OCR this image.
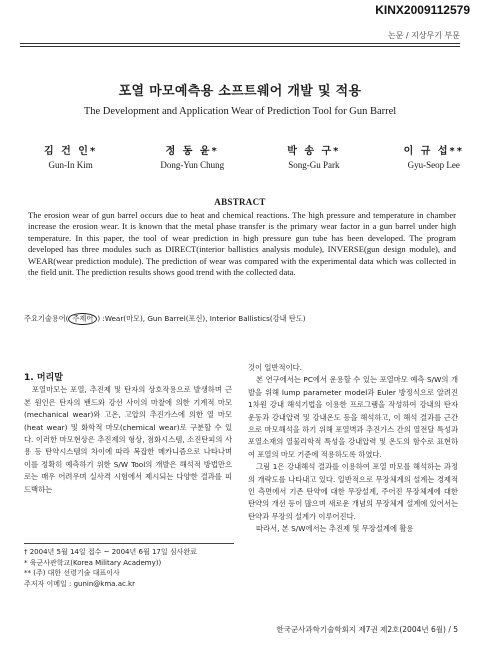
KINX2009112579
논문 / 지상무기 부문
포열 마모예측용 소프트웨어 개발 및 적용
The Development and Application Wear of Prediction Tool for Gun Barrel
김 건 인*
Gun-In Kim
정 동 윤*
Dong-Yun Chung
박 송 구*
Song-Gu Park
이 규 섭**
Gyu-Seop Lee
ABSTRACT
The erosion wear of gun barrel occurs due to heat and chemical reactions. The high pressure and temperature in chamber increase the erosion wear. It is known that the metal phase transfer is the primary wear factor in a gun barrel under high temperature. In this paper, the tool of wear prediction in high pressure gun tube has been developed. The program developed has three modules such as DIRECT(interior ballistics analysis module), INVERSE(gun design module), and WEAR(wear prediction module). The prediction of wear was compared with the experimental data which was collected in the field unit. The prediction results shows good trend with the collected data.
주요기술용어( 주제어 ) :Wear(마모), Gun Barrel(포신), Interior Ballistics(강내 탄도)

1. 머리말

포열마모는 포열, 추진제 및 탄자의 상호작용으로 발생하며 근본 원인은 탄자의 밴드와 강선 사이의 마찰에 의한 기계적 마모(mechanical wear)와 고온, 고압의 추진가스에 의한 열 마모(heat wear) 및 화학적 마모(chemical wear)로 구분할 수 있다. 이러한 마모현상은 추진제의 형상, 점화시스템, 소진탄피의 사용 등 탄약시스템의 차이에 따라 복잡한 메카니즘으로 나타나며 이를 정확히 예측하기 위한 S/W Tool의 개발은 해석적 방법만으로는 매우 어려우며 실사격 시험에서 제시되는 다양한 결과를 피드백하는

것이 일반적이다.

본 연구에서는 PC에서 운용할 수 있는 포열마모 예측 S/W의 개발을 위해 lump parameter model과 Euler 방정식으로 알려진 1차원 강내 해석기법을 이용한 프로그램을 작성하여 강내의 탄자운동과 강내압력 및 강내온도 등을 해석하고, 이 해석 결과를 근간으로 마모해석을 하기 위해 포열벽과 추진가스 간의 열전달 특성과 포열소재의 열물리학적 특성을 강내압력 및 온도의 함수로 표현하여 포열의 마모 기준에 적용하도록 하였다.

그림 1은 강내해석 결과를 이용하여 포열 마모를 해석하는 과정의 개략도를 나타내고 있다. 일반적으로 무장체계의 설계는 경제적인 측면에서 기존 탄약에 대한 무장설계, 주어진 무장체계에 대한 탄약의 개선 등이 많으며 새로운 개념의 무장체계 설계에 있어서는 탄약과 무장의 설계가 이루어진다.

따라서, 본 S/W에서는 추진제 및 무장설계에 활용

† 2004년 5월 14일 접수 ~ 2004년 6월 17일 심사완료
* 육군사관학교(Korea Military Academy))
** (주) 대한 선령기술 대표이사
주저자 이메일 : gunin@kma.ac.kr
한국군사과학기술학회지 제7권 제2호(2004년 6월) / 5
